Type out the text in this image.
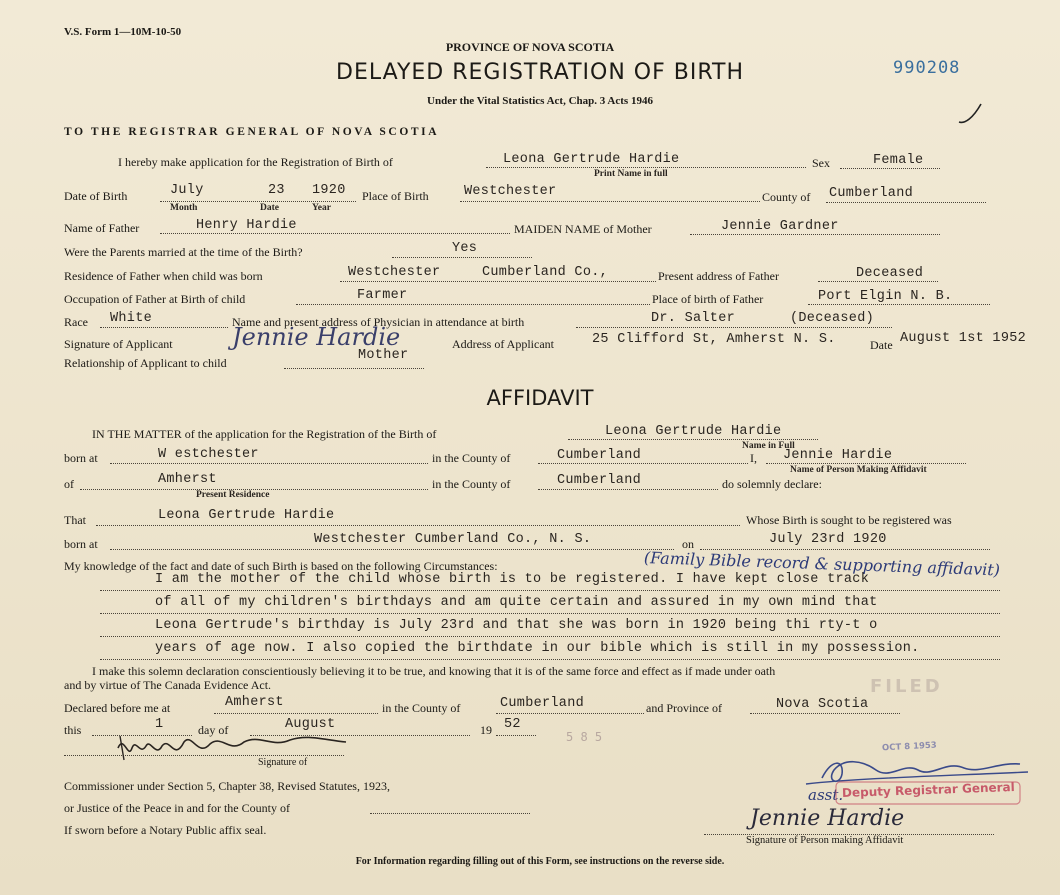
V.S. Form 1—10M-10-50
PROVINCE OF NOVA SCOTIA
DELAYED REGISTRATION OF BIRTH
Under the Vital Statistics Act, Chap. 3 Acts 1946
990208
TO THE REGISTRAR GENERAL OF NOVA SCOTIA
I hereby make application for the Registration of Birth of	Leona Gertrude Hardie
Print Name in full
Sex	Female
Date of Birth	July	23 1920
Month	Date	Year
Place of Birth	Westchester	County of Cumberland
Name of Father	Henry Hardie	MAIDEN NAME of Mother	Jennie Gardner
Were the Parents married at the time of the Birth?	Yes
Residence of Father when child was born	Westchester	Cumberland Co.,	Present address of Father	Deceased
Occupation of Father at Birth of child	Farmer	Place of birth of Father	Port Elgin N. B.
Race White	Name and present address of Physician in attendance at birth	Dr. Salter	(Deceased)
Signature of Applicant Jennie Hardie	Address of Applicant	25 Clifford St, Amherst N. S.	Date August 1st 1952
Relationship of Applicant to child	Mother
AFFIDAVIT
IN THE MATTER of the application for the Registration of the Birth of	Leona Gertrude Hardie
Name in Full
born at	W estchester	in the County of	Cumberland	I, Jennie Hardie
Name of Person Making Affidavit
of	Amherst
Present Residence
in the County of	Cumberland	do solemnly declare:
That	Leona Gertrude Hardie	Whose Birth is sought to be registered was
born at	Westchester Cumberland Co., N. S.	on	July 23rd 1920
My knowledge of the fact and date of such Birth is based on the following Circumstances:	(Family Bible record & supporting affidavit)
I am the mother of the child whose birth is to be registered. I have kept close track
of all of my children's birthdays and am quite certain and assured in my own mind that
Leona Gertrude's birthday is July 23rd and that she was born in 1920 being thi rty-t o
years of age now. I also copied the birthdate in our bible which is still in my possession.
I make this solemn declaration conscientiously believing it to be true, and knowing that it is of the same force and effect as if made under oath
and by virtue of The Canada Evidence Act.	FILED
Declared before me at	Amherst	in the County of	Cumberland	and Province of	Nova Scotia
this	1	day of	August	19 52
5 8 5
Signature of
Commissioner under Section 5, Chapter 38, Revised Statutes, 1923,
or Justice of the Peace in and for the County of
If sworn before a Notary Public affix seal.
OCT 8 1953
asst.
Deputy Registrar General
Jennie Hardie
Signature of Person making Affidavit
For Information regarding filling out of this Form, see instructions on the reverse side.
